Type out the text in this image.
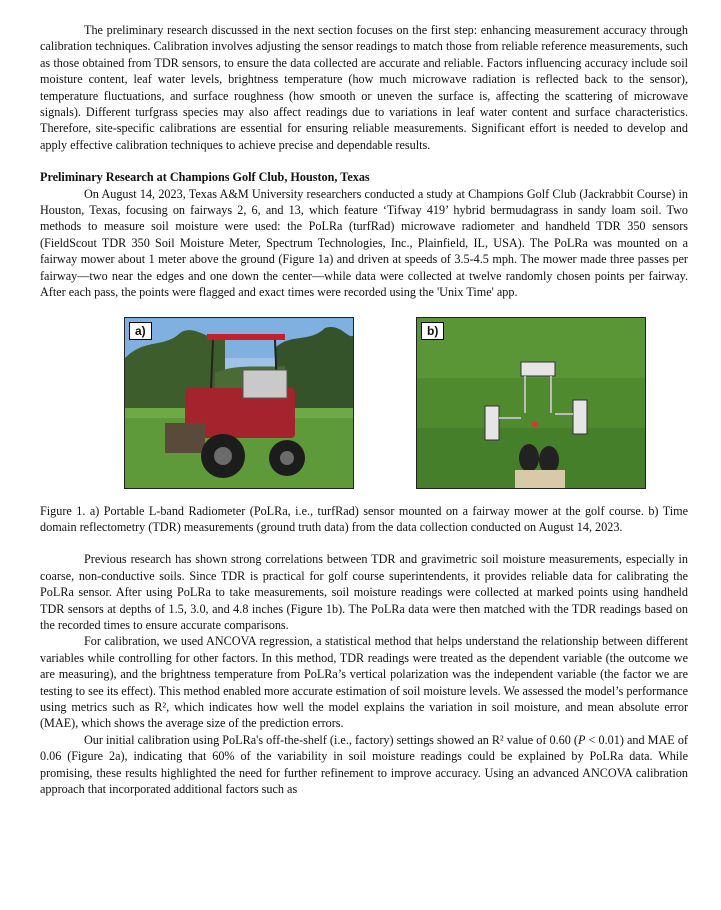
The preliminary research discussed in the next section focuses on the first step: enhancing measurement accuracy through calibration techniques. Calibration involves adjusting the sensor readings to match those from reliable reference measurements, such as those obtained from TDR sensors, to ensure the data collected are accurate and reliable. Factors influencing accuracy include soil moisture content, leaf water levels, brightness temperature (how much microwave radiation is reflected back to the sensor), temperature fluctuations, and surface roughness (how smooth or uneven the surface is, affecting the scattering of microwave signals). Different turfgrass species may also affect readings due to variations in leaf water content and surface characteristics. Therefore, site-specific calibrations are essential for ensuring reliable measurements. Significant effort is needed to develop and apply effective calibration techniques to achieve precise and dependable results.

Preliminary Research at Champions Golf Club, Houston, Texas

On August 14, 2023, Texas A&M University researchers conducted a study at Champions Golf Club (Jackrabbit Course) in Houston, Texas, focusing on fairways 2, 6, and 13, which feature ‘Tifway 419’ hybrid bermudagrass in sandy loam soil. Two methods to measure soil moisture were used: the PoLRa (turfRad) microwave radiometer and handheld TDR 350 sensors (FieldScout TDR 350 Soil Moisture Meter, Spectrum Technologies, Inc., Plainfield, IL, USA). The PoLRa was mounted on a fairway mower about 1 meter above the ground (Figure 1a) and driven at speeds of 3.5-4.5 mph. The mower made three passes per fairway—two near the edges and one down the center—while data were collected at twelve randomly chosen points per fairway. After each pass, the points were flagged and exact times were recorded using the 'Unix Time' app.

a)	b)

Figure 1. a) Portable L-band Radiometer (PoLRa, i.e., turfRad) sensor mounted on a fairway mower at the golf course. b) Time domain reflectometry (TDR) measurements (ground truth data) from the data collection conducted on August 14, 2023.

Previous research has shown strong correlations between TDR and gravimetric soil moisture measurements, especially in coarse, non-conductive soils. Since TDR is practical for golf course superintendents, it provides reliable data for calibrating the PoLRa sensor. After using PoLRa to take measurements, soil moisture readings were collected at marked points using handheld TDR sensors at depths of 1.5, 3.0, and 4.8 inches (Figure 1b). The PoLRa data were then matched with the TDR readings based on the recorded times to ensure accurate comparisons.

For calibration, we used ANCOVA regression, a statistical method that helps understand the relationship between different variables while controlling for other factors. In this method, TDR readings were treated as the dependent variable (the outcome we are measuring), and the brightness temperature from PoLRa’s vertical polarization was the independent variable (the factor we are testing to see its effect). This method enabled more accurate estimation of soil moisture levels. We assessed the model’s performance using metrics such as R², which indicates how well the model explains the variation in soil moisture, and mean absolute error (MAE), which shows the average size of the prediction errors.

Our initial calibration using PoLRa's off-the-shelf (i.e., factory) settings showed an R² value of 0.60 (P < 0.01) and MAE of 0.06 (Figure 2a), indicating that 60% of the variability in soil moisture readings could be explained by PoLRa data. While promising, these results highlighted the need for further refinement to improve accuracy. Using an advanced ANCOVA calibration approach that incorporated additional factors such as
